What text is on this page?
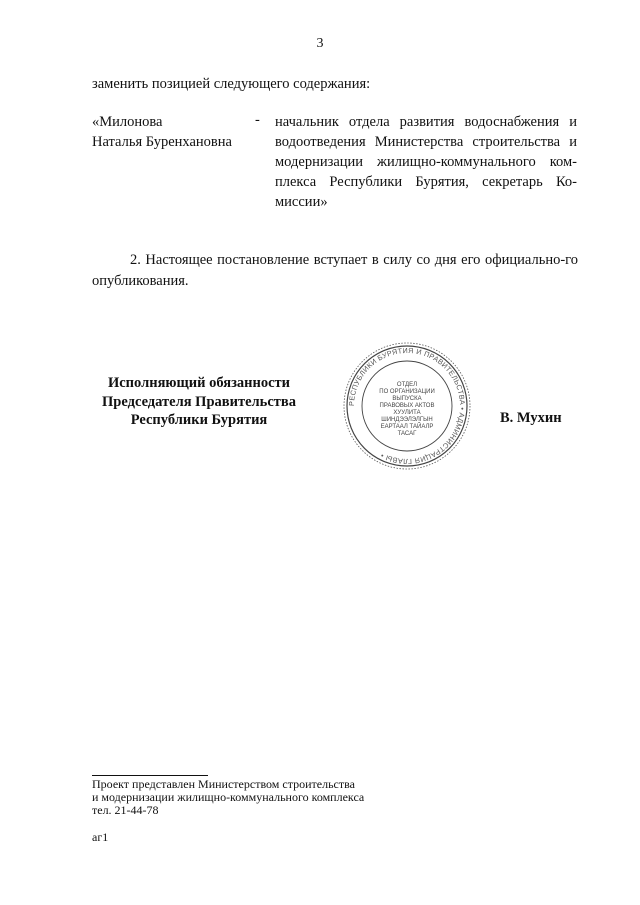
3
заменить позицией следующего содержания:
«Милонова
Наталья Буренхановна
- начальник отдела развития водоснабжения и
водоотведения Министерства строительства и
модернизации жилищно-коммунального ком-
плекса Республики Бурятия, секретарь Ко-
миссии»
2. Настоящее постановление вступает в силу со дня его официально-го опубликования.
Исполняющий обязанности
Председателя Правительства
Республики Бурятия
РЕСПУБЛИКИ БУРЯТИЯ И ПРАВИТЕЛЬСТВА • АДМИНИСТРАЦИЯ ГЛАВЫ •
ОТДЕЛ
ПО ОРГАНИЗАЦИИ
ВЫПУСКА
ПРАВОВЫХ АКТОВ
ХУУЛИТА
ШИНДЭЭЛЭЛГЫН
ЕАРТААЛ ТАЙАЛР
ТАСАГ
В. Мухин
Проект представлен Министерством строительства
и модернизации жилищно-коммунального комплекса
тел. 21-44-78
аг1
